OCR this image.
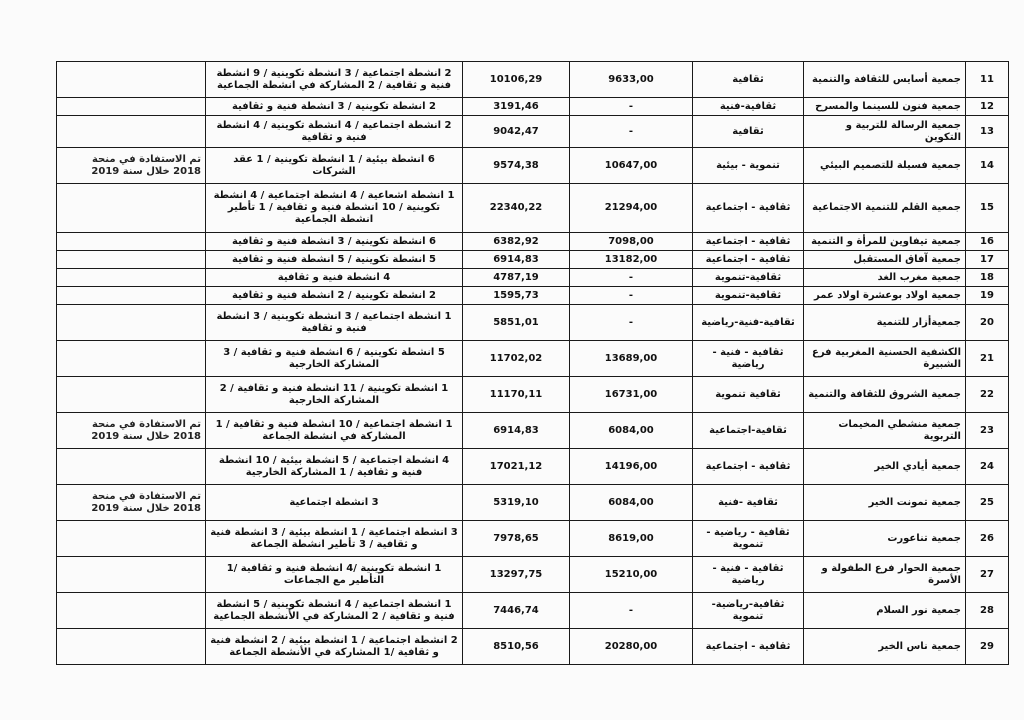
11	جمعية أسايس للثقافة والتنمية	ثقافية	9633,00	10106,29	2 انشطة اجتماعية / 3 انشطة تكوينية / 9 انشطة فنية و ثقافية / 2 المشاركة في انشطة الجماعية	
12	جمعية فنون للسينما والمسرح	ثقافية-فنية	-	3191,46	2 انشطة تكوينية / 3 انشطة فنية و ثقافية	
13	جمعية الرسالة للتربية و التكوين	ثقافية	-	9042,47	2 انشطة اجتماعية / 4 انشطة تكوينية / 4 انشطة فنية و ثقافية	
14	جمعية فسيلة للتصميم البيئي	تنموية - بيئية	10647,00	9574,38	6 انشطة بيئية / 1 انشطة تكوينية / 1 عقد الشركات	تم الاستفادة في منحة 2018 خلال سنة 2019
15	جمعية القلم للتنمية الاجتماعية	ثقافية - اجتماعية	21294,00	22340,22	1 انشطة اشعاعية / 4 انشطة اجتماعية / 4 انشطة تكوينية / 10 انشطة فنية و ثقافية / 1 تأطير انشطة الجماعية	
16	جمعية تيفاوين للمرأة و التنمية	ثقافية - اجتماعية	7098,00	6382,92	6 انشطة تكوينية / 3 انشطة فنية و ثقافية	
17	جمعية آفاق المستقبل	ثقافية - اجتماعية	13182,00	6914,83	5 انشطة تكوينية / 5 انشطة فنية و ثقافية	
18	جمعية مغرب الغد	ثقافية-تنموية	-	4787,19	4 انشطة فنية و ثقافية	
19	جمعية اولاد بوعشرة اولاد عمر	ثقافية-تنموية	-	1595,73	2 انشطة تكوينية / 2 انشطة فنية و ثقافية	
20	جمعيةأزار للتنمية	ثقافية-فنية-رياضية	-	5851,01	1 انشطة اجتماعية / 3 انشطة تكوينية / 3 انشطة فنية و ثقافية	
21	الكشفية الحسنية المغربية فرع الشبيرة	ثقافية - فنية - رياضية	13689,00	11702,02	5 انشطة تكوينية / 6 انشطة فنية و ثقافية / 3 المشاركة الخارجية	
22	جمعية الشروق للثقافة والتنمية	ثقافية تنموية	16731,00	11170,11	1 انشطة تكوينية / 11 انشطة فنية و ثقافية / 2 المشاركة الخارجية	
23	جمعية منشطي المخيمات التربوية	ثقافية-اجتماعية	6084,00	6914,83	1 انشطة اجتماعية / 10 انشطة فنية و ثقافية / 1 المشاركة في انشطة الجماعة	تم الاستفادة في منحة 2018 خلال سنة 2019
24	جمعية أيادي الخير	ثقافية - اجتماعية	14196,00	17021,12	4 انشطة اجتماعية / 5 انشطة بيئية / 10 انشطة فنية و ثقافية / 1 المشاركة الخارجية	
25	جمعية تمونت الخير	ثقافية -فنية	6084,00	5319,10	3 انشطة اجتماعية	تم الاستفادة في منحة 2018 خلال سنة 2019
26	جمعية تناعورت	ثقافية - رياضية - تنموية	8619,00	7978,65	3 انشطة اجتماعية / 1 انشطة بيئية / 3 انشطة فنية و ثقافية / 3 تأطير انشطة الجماعة	
27	جمعية الحوار فرع الطفولة و الأسرة	ثقافية - فنية - رياضية	15210,00	13297,75	1 انشطة تكوينية /4 انشطة فنية و ثقافية /1 التأطير مع الجماعات	
28	جمعية نور السلام	ثقافية-رياضية-تنموية	-	7446,74	1 انشطة اجتماعية / 4 انشطة تكوينية / 5 انشطة فنية و ثقافية / 2 المشاركة في الأنشطة الجماعية	
29	جمعية ناس الخير	ثقافية - اجتماعية	20280,00	8510,56	2 انشطة اجتماعية / 1 انشطة بيئية / 2 انشطة فنية و ثقافية /1 المشاركة في الأنشطة الجماعة	
